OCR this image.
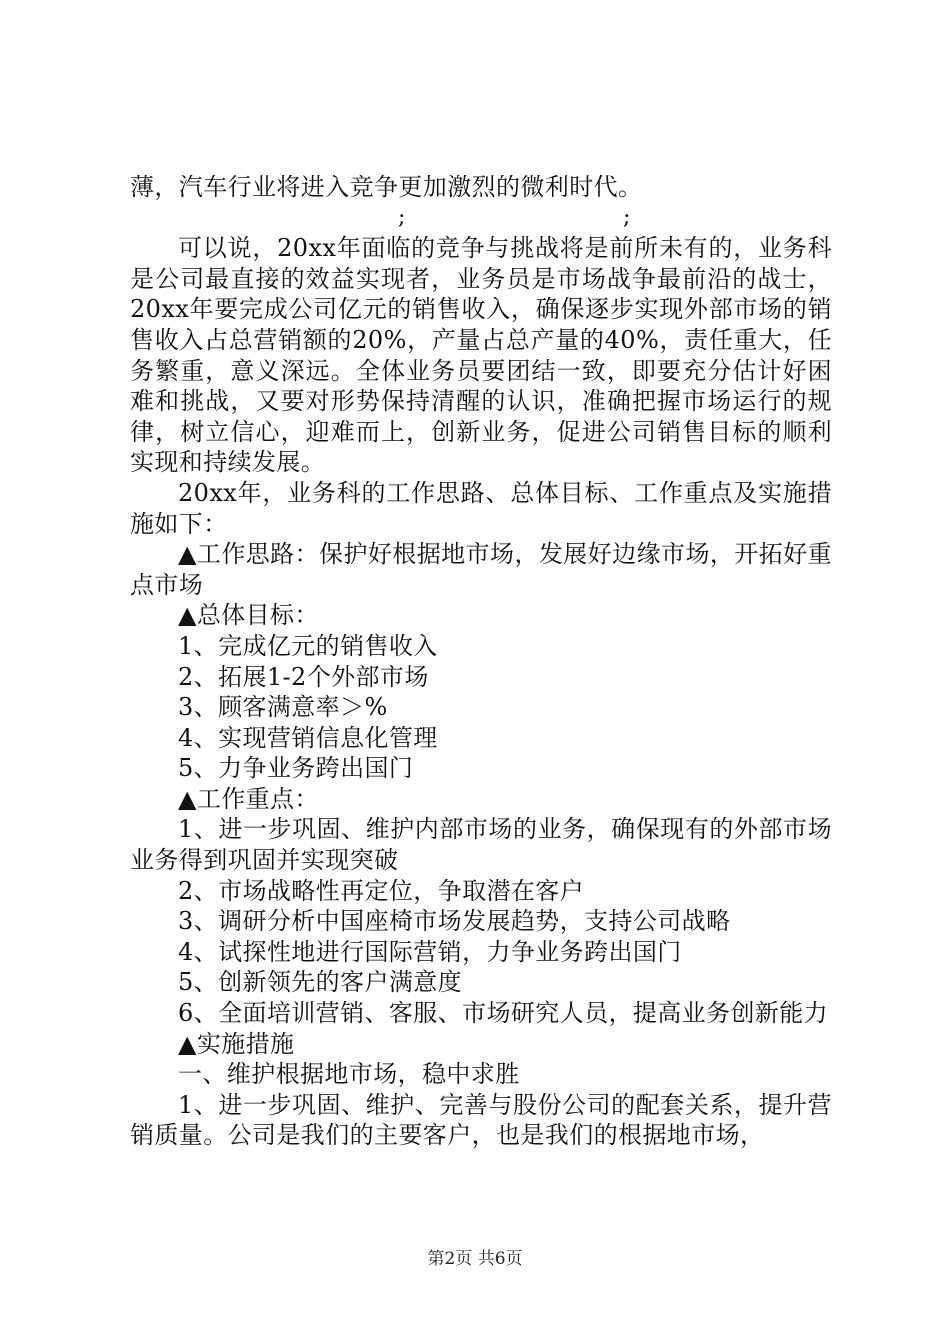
薄，汽车行业将进入竞争更加激烈的微利时代。

;	;

可以说，20xx年面临的竞争与挑战将是前所未有的，业务科是公司最直接的效益实现者，业务员是市场战争最前沿的战士，20xx年要完成公司亿元的销售收入，确保逐步实现外部市场的销售收入占总营销额的20%，产量占总产量的40%，责任重大，任务繁重，意义深远。全体业务员要团结一致，即要充分估计好困难和挑战，又要对形势保持清醒的认识，准确把握市场运行的规律，树立信心，迎难而上，创新业务，促进公司销售目标的顺利实现和持续发展。

20xx年，业务科的工作思路、总体目标、工作重点及实施措施如下：

▲工作思路：保护好根据地市场，发展好边缘市场，开拓好重点市场

▲总体目标：

1、完成亿元的销售收入

2、拓展1-2个外部市场

3、顾客满意率＞%

4、实现营销信息化管理

5、力争业务跨出国门

▲工作重点：

1、进一步巩固、维护内部市场的业务，确保现有的外部市场业务得到巩固并实现突破

2、市场战略性再定位，争取潜在客户

3、调研分析中国座椅市场发展趋势，支持公司战略

4、试探性地进行国际营销，力争业务跨出国门

5、创新领先的客户满意度

6、全面培训营销、客服、市场研究人员，提高业务创新能力

▲实施措施

一、维护根据地市场，稳中求胜

1、进一步巩固、维护、完善与股份公司的配套关系，提升营销质量。公司是我们的主要客户，也是我们的根据地市场，

第2页 共6页
